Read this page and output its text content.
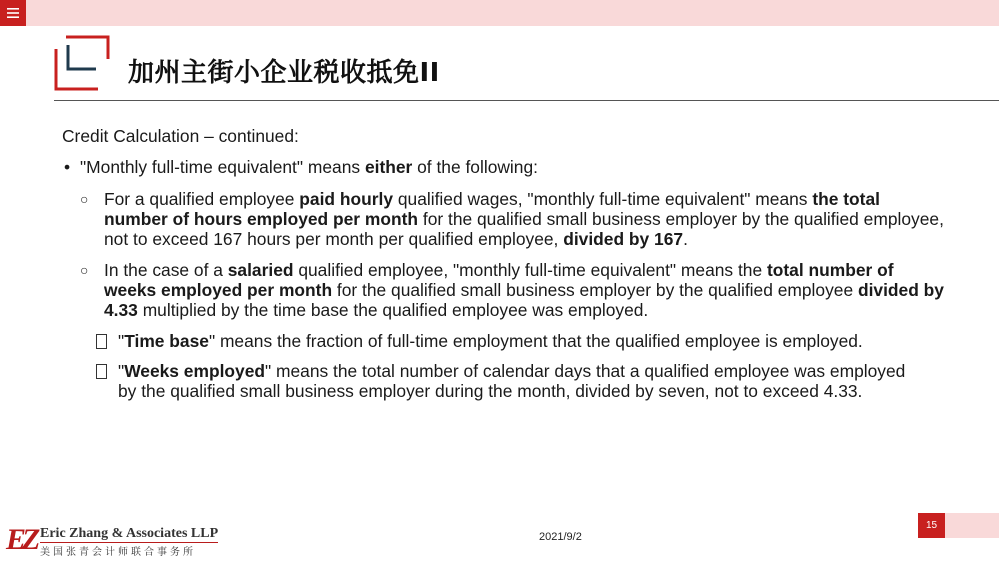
加州主街小企业税收抵免II
Credit Calculation – continued:
• "Monthly full-time equivalent" means either of the following:
○ For a qualified employee paid hourly qualified wages, "monthly full-time equivalent" means the total number of hours employed per month for the qualified small business employer by the qualified employee, not to exceed 167 hours per month per qualified employee, divided by 167.
○ In the case of a salaried qualified employee, "monthly full-time equivalent" means the total number of weeks employed per month for the qualified small business employer by the qualified employee divided by 4.33 multiplied by the time base the qualified employee was employed.
"Time base" means the fraction of full-time employment that the qualified employee is employed.
"Weeks employed" means the total number of calendar days that a qualified employee was employed by the qualified small business employer during the month, divided by seven, not to exceed 4.33.
EZ Eric Zhang & Associates LLP
美国张青会计师联合事务所
2021/9/2
15
